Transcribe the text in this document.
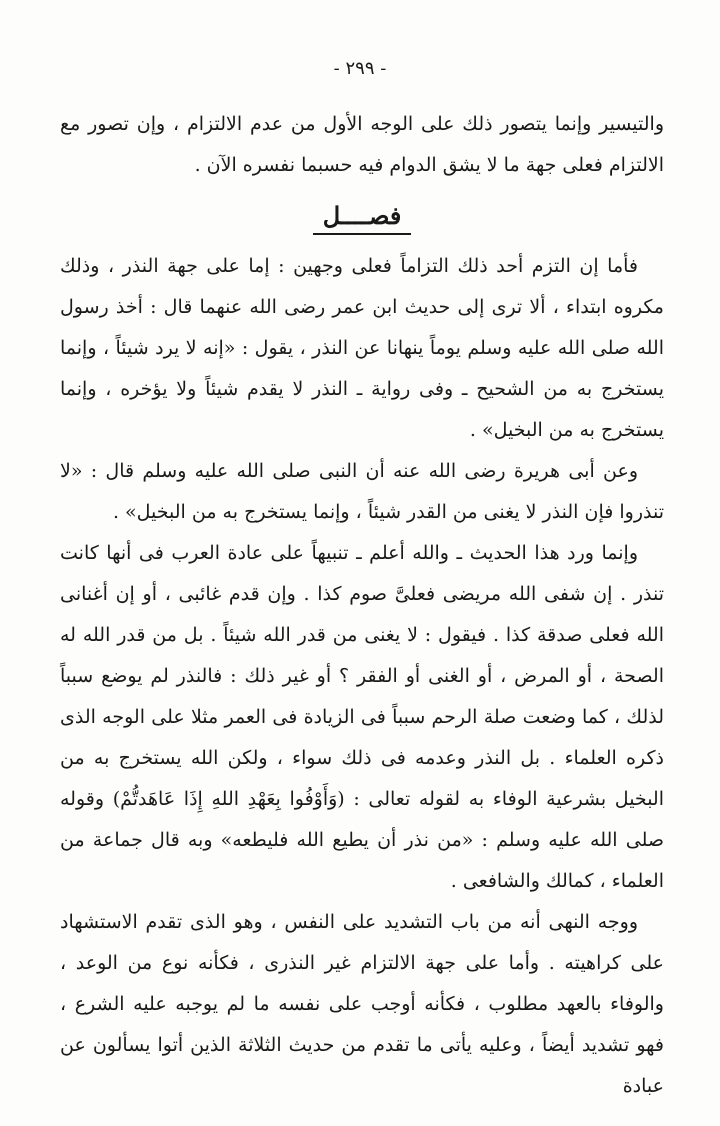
- ٢٩٩ -

والتيسير وإنما يتصور ذلك على الوجه الأول من عدم الالتزام ، وإن تصور مع الالتزام فعلى جهة ما لا يشق الدوام فيه حسبما نفسره الآن .

فصــــل

فأما إن التزم أحد ذلك التزاماً فعلى وجهين : إما على جهة النذر ، وذلك مكروه ابتداء ، ألا ترى إلى حديث ابن عمر رضى الله عنهما قال : أخذ رسول الله صلى الله عليه وسلم يوماً ينهانا عن النذر ، يقول : «إنه لا يرد شيئاً ، وإنما يستخرج به من الشحيح ـ وفى رواية ـ النذر لا يقدم شيئاً ولا يؤخره ، وإنما يستخرج به من البخيل» .

وعن أبى هريرة رضى الله عنه أن النبى صلى الله عليه وسلم قال : «لا تنذروا فإن النذر لا يغنى من القدر شيئاً ، وإنما يستخرج به من البخيل» .

وإنما ورد هذا الحديث ـ والله أعلم ـ تنبيهاً على عادة العرب فى أنها كانت تنذر . إن شفى الله مريضى فعلىَّ صوم كذا . وإن قدم غائبى ، أو إن أغنانى الله فعلى صدقة كذا . فيقول : لا يغنى من قدر الله شيئاً . بل من قدر الله له الصحة ، أو المرض ، أو الغنى أو الفقر ؟ أو غير ذلك : فالنذر لم يوضع سبباً لذلك ، كما وضعت صلة الرحم سبباً فى الزيادة فى العمر مثلا على الوجه الذى ذكره العلماء . بل النذر وعدمه فى ذلك سواء ، ولكن الله يستخرج به من البخيل بشرعية الوفاء به لقوله تعالى : (وَأَوْفُوا بِعَهْدِ اللهِ إِذَا عَاهَدتُّمْ) وقوله صلى الله عليه وسلم : «من نذر أن يطيع الله فليطعه» وبه قال جماعة من العلماء ، كمالك والشافعى .

ووجه النهى أنه من باب التشديد على النفس ، وهو الذى تقدم الاستشهاد على كراهيته . وأما على جهة الالتزام غير النذرى ، فكأنه نوع من الوعد ، والوفاء بالعهد مطلوب ، فكأنه أوجب على نفسه ما لم يوجبه عليه الشرع ، فهو تشديد أيضاً ، وعليه يأتى ما تقدم من حديث الثلاثة الذين أتوا يسألون عن عبادة
